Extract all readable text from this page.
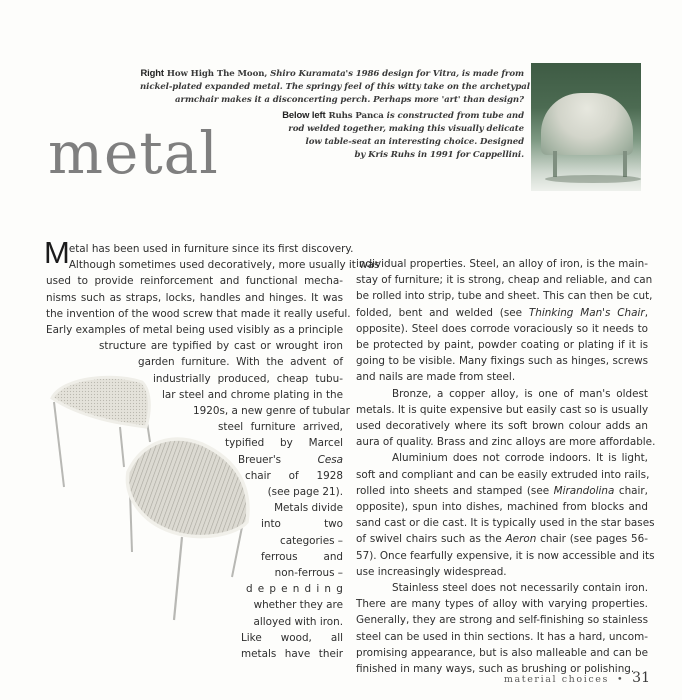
Right How High The Moon, Shiro Kuramata's 1986 design for Vitra, is made from
nickel-plated expanded metal. The springy feel of this witty take on the archetypal
armchair makes it a disconcerting perch. Perhaps more 'art' than design?
Below left Ruhs Panca is constructed from tube and
rod welded together, making this visually delicate
low table-seat an interesting choice. Designed
by Kris Ruhs in 1991 for Cappellini.
metal
Metal has been used in furniture since its first discovery.
Although sometimes used decoratively, more usually it was
used to provide reinforcement and functional mecha-
nisms such as straps, locks, handles and hinges. It was
the invention of the wood screw that made it really useful.
Early examples of metal being used visibly as a principle
structure are typified by cast or wrought iron
garden furniture. With the advent of
industrially produced, cheap tubu-
lar steel and chrome plating in the
1920s, a new genre of tubular
steel furniture arrived,
typified by Marcel
Breuer's Cesa
chair of 1928
(see page 21).
Metals divide
into two
categories –
ferrous and
non-ferrous –
depending
whether they are
alloyed with iron.
Like wood, all
metals have their
individual properties. Steel, an alloy of iron, is the main-
stay of furniture; it is strong, cheap and reliable, and can
be rolled into strip, tube and sheet. This can then be cut,
folded, bent and welded (see Thinking Man's Chair,
opposite). Steel does corrode voraciously so it needs to
be protected by paint, powder coating or plating if it is
going to be visible. Many fixings such as hinges, screws
and nails are made from steel.
Bronze, a copper alloy, is one of man's oldest
metals. It is quite expensive but easily cast so is usually
used decoratively where its soft brown colour adds an
aura of quality. Brass and zinc alloys are more affordable.
Aluminium does not corrode indoors. It is light,
soft and compliant and can be easily extruded into rails,
rolled into sheets and stamped (see Mirandolina chair,
opposite), spun into dishes, machined from blocks and
sand cast or die cast. It is typically used in the star bases
of swivel chairs such as the Aeron chair (see pages 56-
57). Once fearfully expensive, it is now accessible and its
use increasingly widespread.
Stainless steel does not necessarily contain iron.
There are many types of alloy with varying properties.
Generally, they are strong and self-finishing so stainless
steel can be used in thin sections. It has a hard, uncom-
promising appearance, but is also malleable and can be
finished in many ways, such as brushing or polishing.
material choices • 31
